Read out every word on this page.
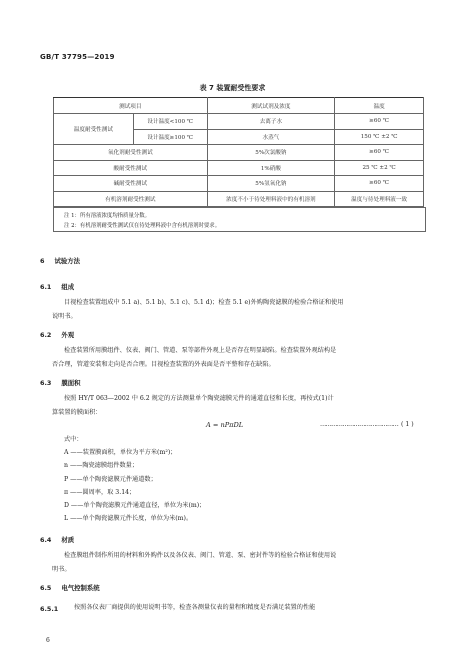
GB/T 37795—2019
表 7 装置耐受性要求
测试项目		测试试剂及浓度	温度
温度耐受性测试	设计温度<100 ℃	去离子水	≥60 ℃
	设计温度≥100 ℃	水蒸气	150 ℃ ±2 ℃
氧化剂耐受性测试		5%次氯酸钠	≥60 ℃
酸耐受性测试		1%硝酸	25 ℃ ±2 ℃
碱耐受性测试		5%氢氧化钠	≥60 ℃
有机溶剂耐受性测试		浓度不小于待处理料液中的有机溶剂	温度与待处理料液一致
注 1：所有溶液浓度均指质量分数。
注 2：有机溶剂耐受性测试仅在待处理料液中含有机溶剂时要求。
6 试验方法
6.1 组成
目视检查装置组成中 5.1 a)、5.1 b)、5.1 c)、5.1 d)；检查 5.1 e)外购陶瓷滤膜的检验合格证和使用
说明书。
6.2 外观
检查装置所用膜组件、仪表、阀门、管道、泵等部件外观上是否存在明显缺陷。检查装置外观结构是
否合理，管道安装和走向是否合理。目视检查装置的外表面是否平整和存在缺陷。
6.3 膜面积
按照 HY/T 063—2002 中 6.2 规定的方法测量单个陶瓷滤膜元件的通道直径和长度，再按式(1)计
算装置的膜面积：
A = nPπDL	…………………………………… ( 1 )
式中：
A ——装置膜面积，单位为平方米(m²)；
n ——陶瓷滤膜组件数量；
P ——单个陶瓷滤膜元件通道数；
π ——圆周率，取 3.14；
D ——单个陶瓷滤膜元件通道直径，单位为米(m)；
L ——单个陶瓷滤膜元件长度，单位为米(m)。
6.4 材质
检查膜组件制作所用的材料和外购件以及各仪表、阀门、管道、泵、密封件等的检验合格证和使用说
明书。
6.5 电气控制系统
6.5.1	按照各仪表厂商提供的使用说明书等，检查各测量仪表的量程和精度是否满足装置的性能
6
